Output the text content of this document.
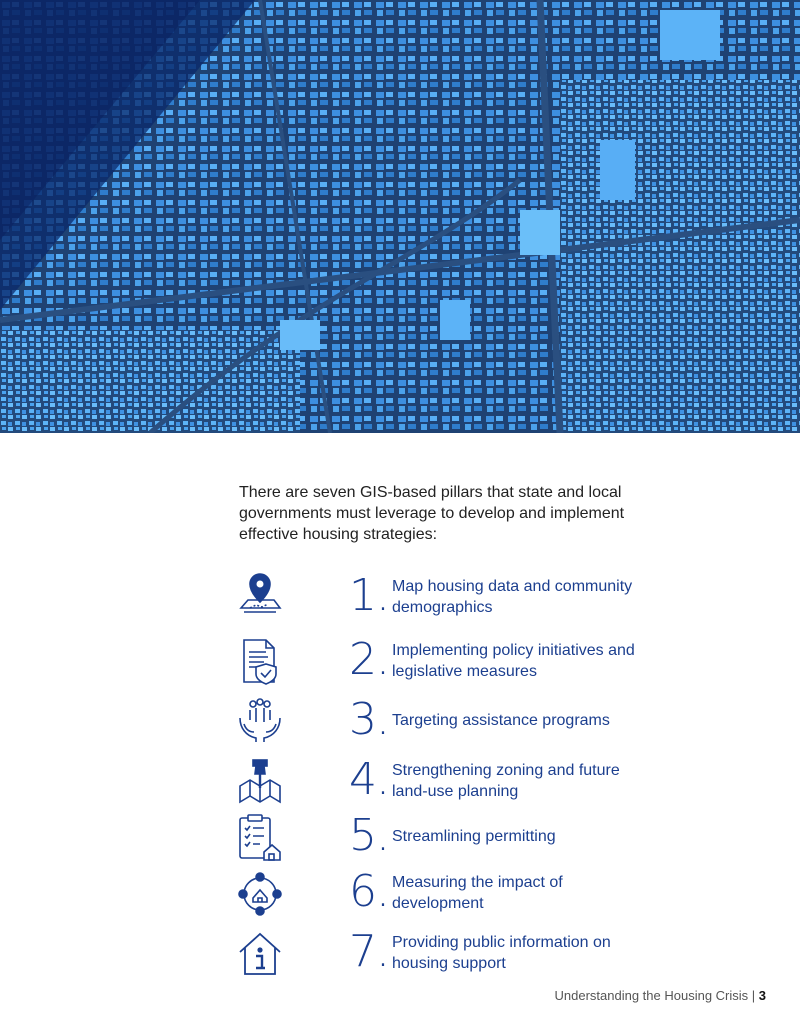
There are seven GIS-based pillars that state and local governments must leverage to develop and implement effective housing strategies:
1. Map housing data and community demographics
2. Implementing policy initiatives and legislative measures
3. Targeting assistance programs
4. Strengthening zoning and future land-use planning
5. Streamlining permitting
6. Measuring the impact of development
7. Providing public information on housing support
Understanding the Housing Crisis | 3
